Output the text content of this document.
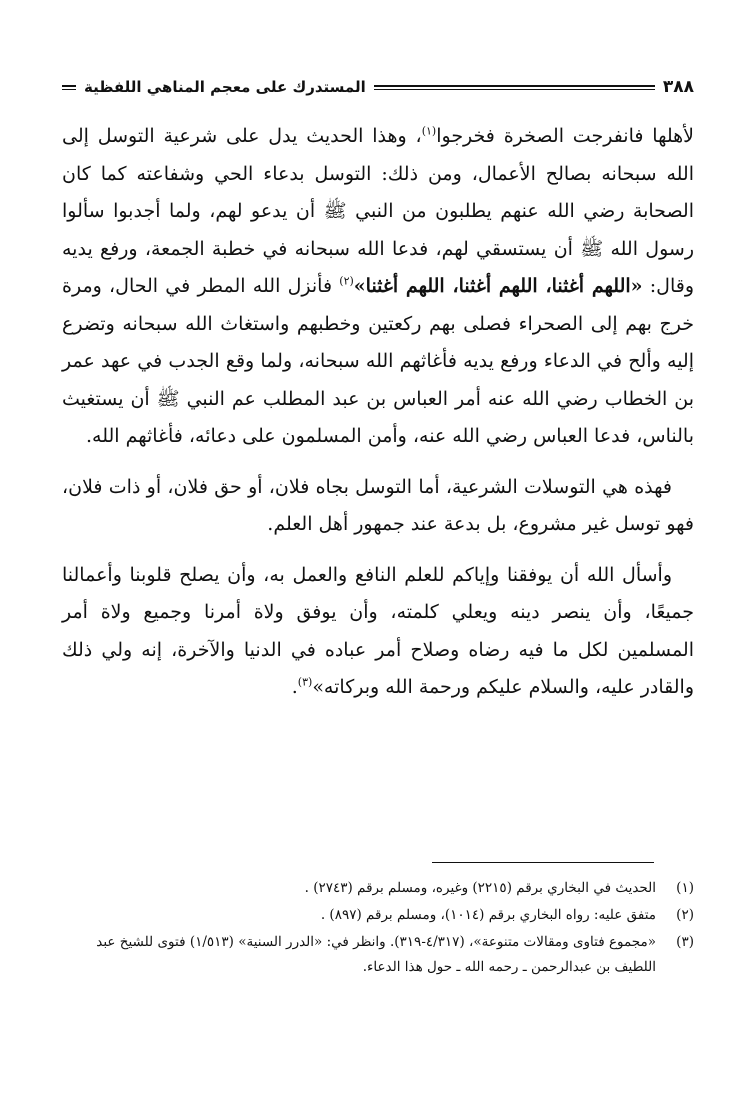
٣٨٨
المستدرك على معجم المناهي اللفظية

لأهلها فانفرجت الصخرة فخرجوا$^{(١)}$، وهذا الحديث يدل على شرعية التوسل إلى الله سبحانه بصالح الأعمال، ومن ذلك: التوسل بدعاء الحي وشفاعته كما كان الصحابة رضي الله عنهم يطلبون من النبي ﷺ أن يدعو لهم، ولما أجدبوا سألوا رسول الله ﷺ أن يستسقي لهم، فدعا الله سبحانه في خطبة الجمعة، ورفع يديه وقال: «اللهم أغثنا، اللهم أغثنا، اللهم أغثنا»$^{(٢)}$ فأنزل الله المطر في الحال، ومرة خرج بهم إلى الصحراء فصلى بهم ركعتين وخطبهم واستغاث الله سبحانه وتضرع إليه وألح في الدعاء ورفع يديه فأغاثهم الله سبحانه، ولما وقع الجدب في عهد عمر بن الخطاب رضي الله عنه أمر العباس بن عبد المطلب عم النبي ﷺ أن يستغيث بالناس، فدعا العباس رضي الله عنه، وأمن المسلمون على دعائه، فأغاثهم الله.

فهذه هي التوسلات الشرعية، أما التوسل بجاه فلان، أو حق فلان، أو ذات فلان، فهو توسل غير مشروع، بل بدعة عند جمهور أهل العلم.

وأسأل الله أن يوفقنا وإياكم للعلم النافع والعمل به، وأن يصلح قلوبنا وأعمالنا جميعًا، وأن ينصر دينه ويعلي كلمته، وأن يوفق ولاة أمرنا وجميع ولاة أمر المسلمين لكل ما فيه رضاه وصلاح أمر عباده في الدنيا والآخرة، إنه ولي ذلك والقادر عليه، والسلام عليكم ورحمة الله وبركاته»$^{(٣)}$.

(١)
الحديث في البخاري برقم (٢٢١٥) وغيره، ومسلم برقم (٢٧٤٣) .
(٢)
متفق عليه: رواه البخاري برقم (١٠١٤)، ومسلم برقم (٨٩٧) .
(٣)
«مجموع فتاوى ومقالات متنوعة»، (٤/٣١٧-٣١٩). وانظر في: «الدرر السنية» (١/٥١٣) فتوى للشيخ عبد اللطيف بن عبدالرحمن ـ رحمه الله ـ حول هذا الدعاء.
